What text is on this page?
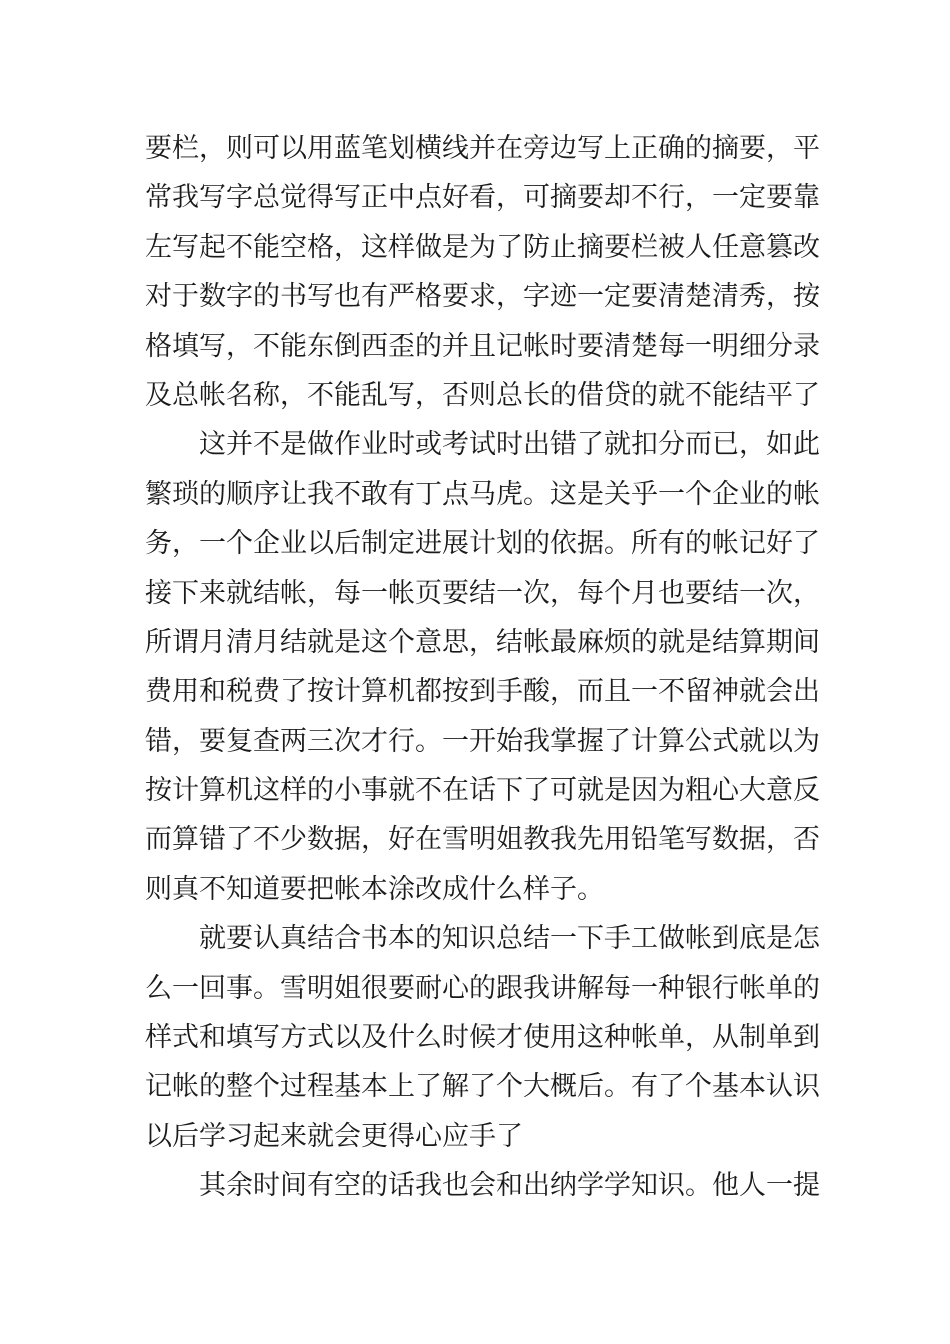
要栏，则可以用蓝笔划横线并在旁边写上正确的摘要，平
常我写字总觉得写正中点好看，可摘要却不行，一定要靠
左写起不能空格，这样做是为了防止摘要栏被人任意篡改
对于数字的书写也有严格要求，字迹一定要清楚清秀，按
格填写，不能东倒西歪的并且记帐时要清楚每一明细分录
及总帐名称，不能乱写，否则总长的借贷的就不能结平了
这并不是做作业时或考试时出错了就扣分而已，如此
繁琐的顺序让我不敢有丁点马虎。这是关乎一个企业的帐
务，一个企业以后制定进展计划的依据。所有的帐记好了
接下来就结帐，每一帐页要结一次，每个月也要结一次，
所谓月清月结就是这个意思，结帐最麻烦的就是结算期间
费用和税费了按计算机都按到手酸，而且一不留神就会出
错，要复查两三次才行。一开始我掌握了计算公式就以为
按计算机这样的小事就不在话下了可就是因为粗心大意反
而算错了不少数据，好在雪明姐教我先用铅笔写数据，否
则真不知道要把帐本涂改成什么样子。
就要认真结合书本的知识总结一下手工做帐到底是怎
么一回事。雪明姐很要耐心的跟我讲解每一种银行帐单的
样式和填写方式以及什么时候才使用这种帐单，从制单到
记帐的整个过程基本上了解了个大概后。有了个基本认识
以后学习起来就会更得心应手了
其余时间有空的话我也会和出纳学学知识。他人一提
